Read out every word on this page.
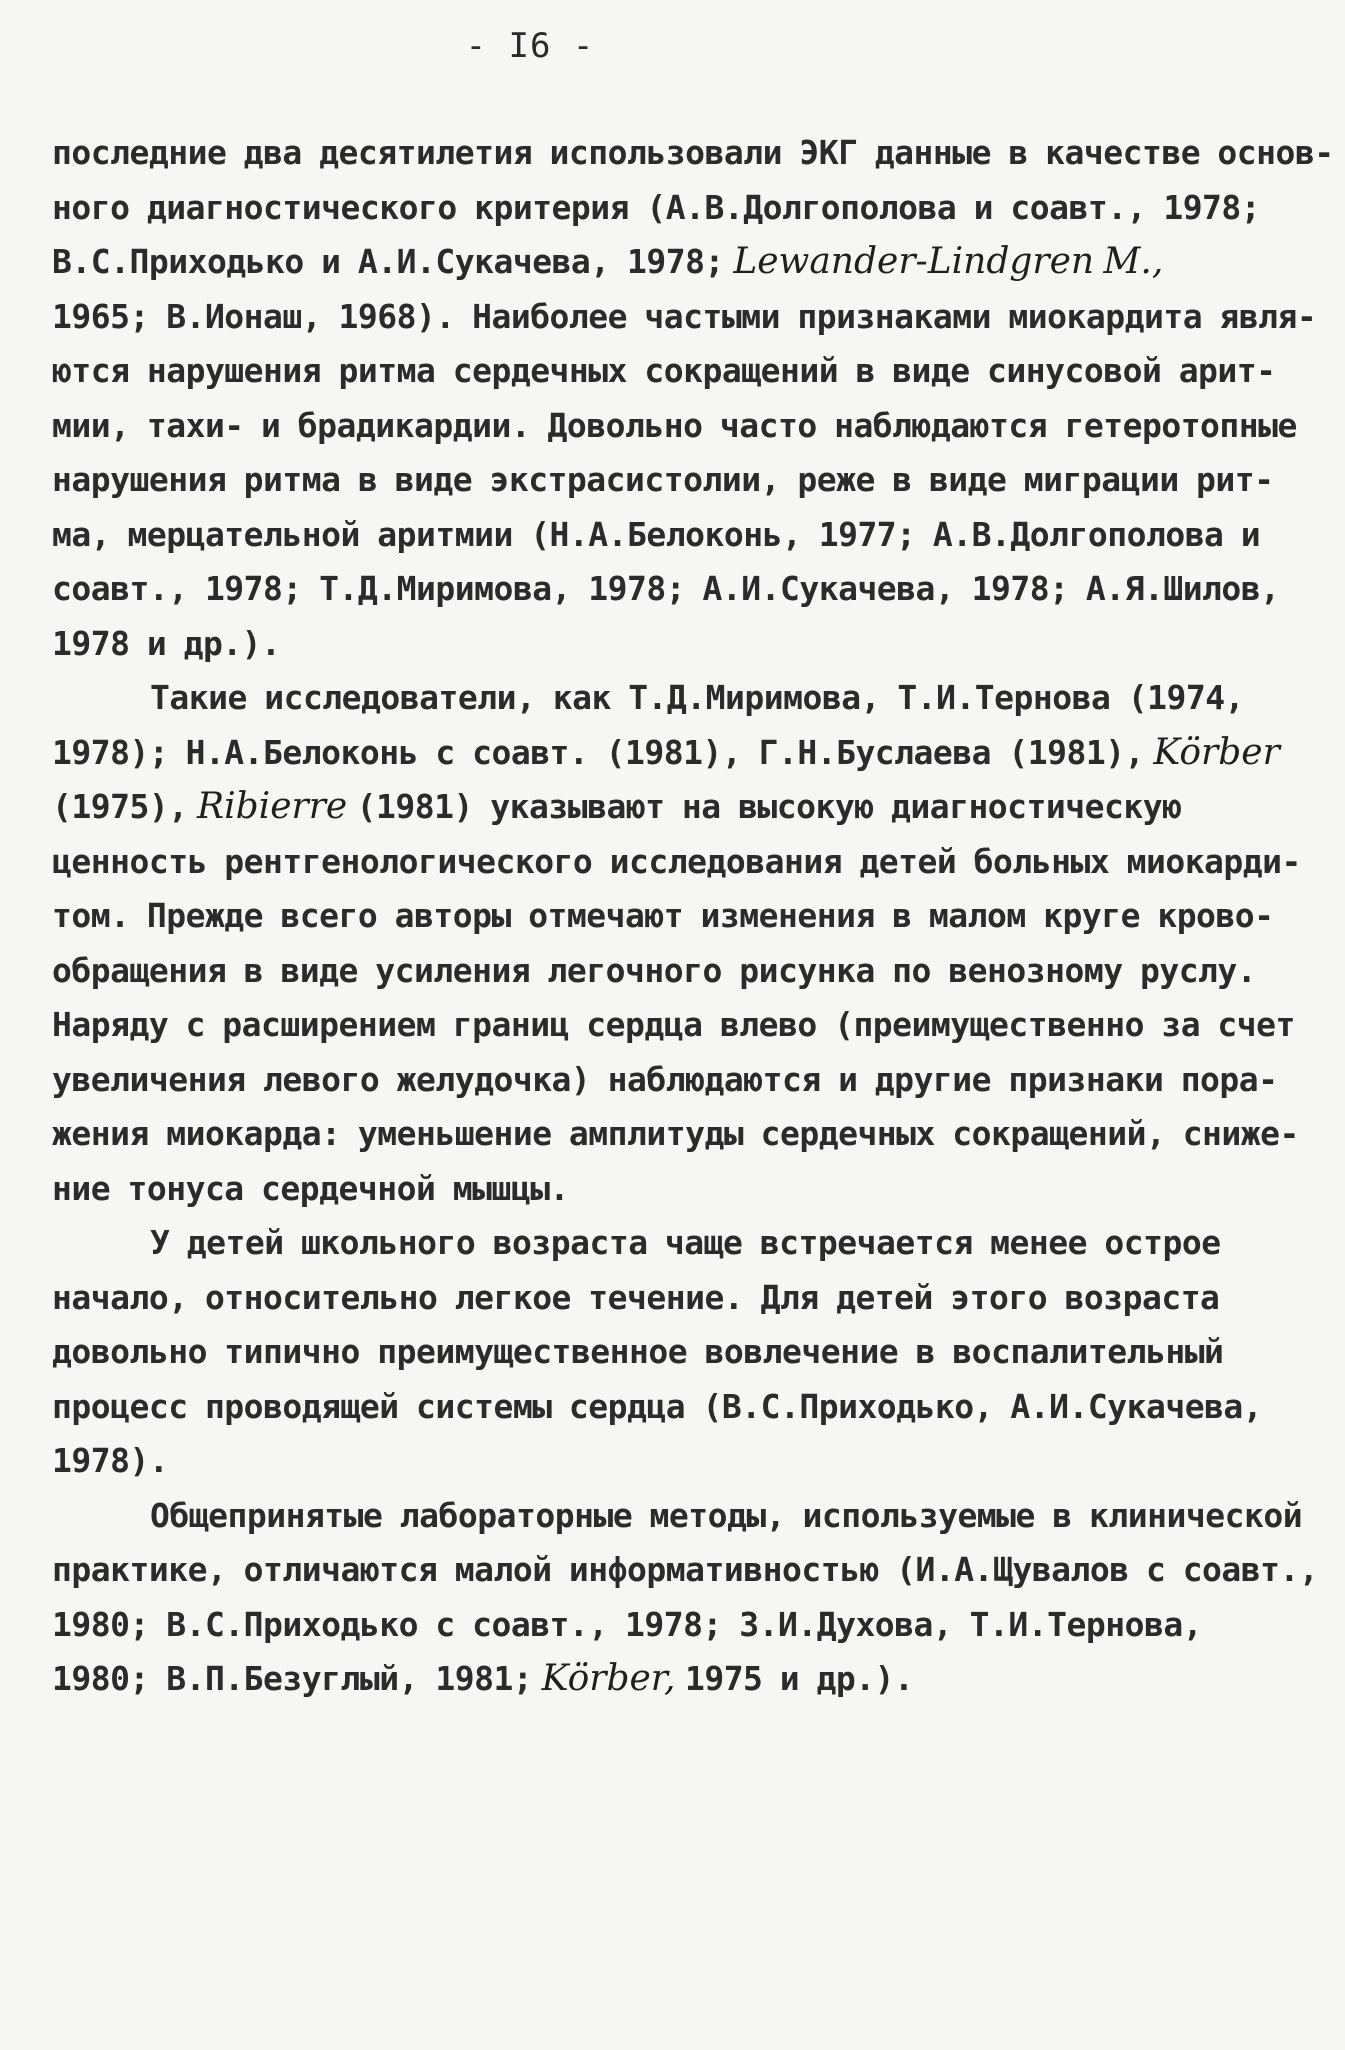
- I6 -
последние два десятилетия использовали ЭКГ данные в качестве основ-
ного диагностического критерия (А.В.Долгополова и соавт., 1978;
В.С.Приходько и А.И.Сукачева, 1978; Lewander-Lindgren M.,
1965; В.Ионаш, 1968). Наиболее частыми признаками миокардита явля-
ются нарушения ритма сердечных сокращений в виде синусовой арит-
мии, тахи- и брадикардии. Довольно часто наблюдаются гетеротопные
нарушения ритма в виде экстрасистолии, реже в виде миграции рит-
ма, мерцательной аритмии (Н.А.Белоконь, 1977; А.В.Долгополова и
соавт., 1978; Т.Д.Миримова, 1978; А.И.Сукачева, 1978; А.Я.Шилов,
1978 и др.).
Такие исследователи, как Т.Д.Миримова, Т.И.Тернова (1974,
1978); Н.А.Белоконь с соавт. (1981), Г.Н.Буслаева (1981), Körber
(1975), Ribierre (1981) указывают на высокую диагностическую
ценность рентгенологического исследования детей больных миокарди-
том. Прежде всего авторы отмечают изменения в малом круге крово-
обращения в виде усиления легочного рисунка по венозному руслу.
Наряду с расширением границ сердца влево (преимущественно за счет
увеличения левого желудочка) наблюдаются и другие признаки пора-
жения миокарда: уменьшение амплитуды сердечных сокращений, сниже-
ние тонуса сердечной мышцы.
У детей школьного возраста чаще встречается менее острое
начало, относительно легкое течение. Для детей этого возраста
довольно типично преимущественное вовлечение в воспалительный
процесс проводящей системы сердца (В.С.Приходько, А.И.Сукачева,
1978).
Общепринятые лабораторные методы, используемые в клинической
практике, отличаются малой информативностью (И.А.Щувалов с соавт.,
1980; В.С.Приходько с соавт., 1978; З.И.Духова, Т.И.Тернова,
1980; В.П.Безуглый, 1981; Körber, 1975 и др.).
